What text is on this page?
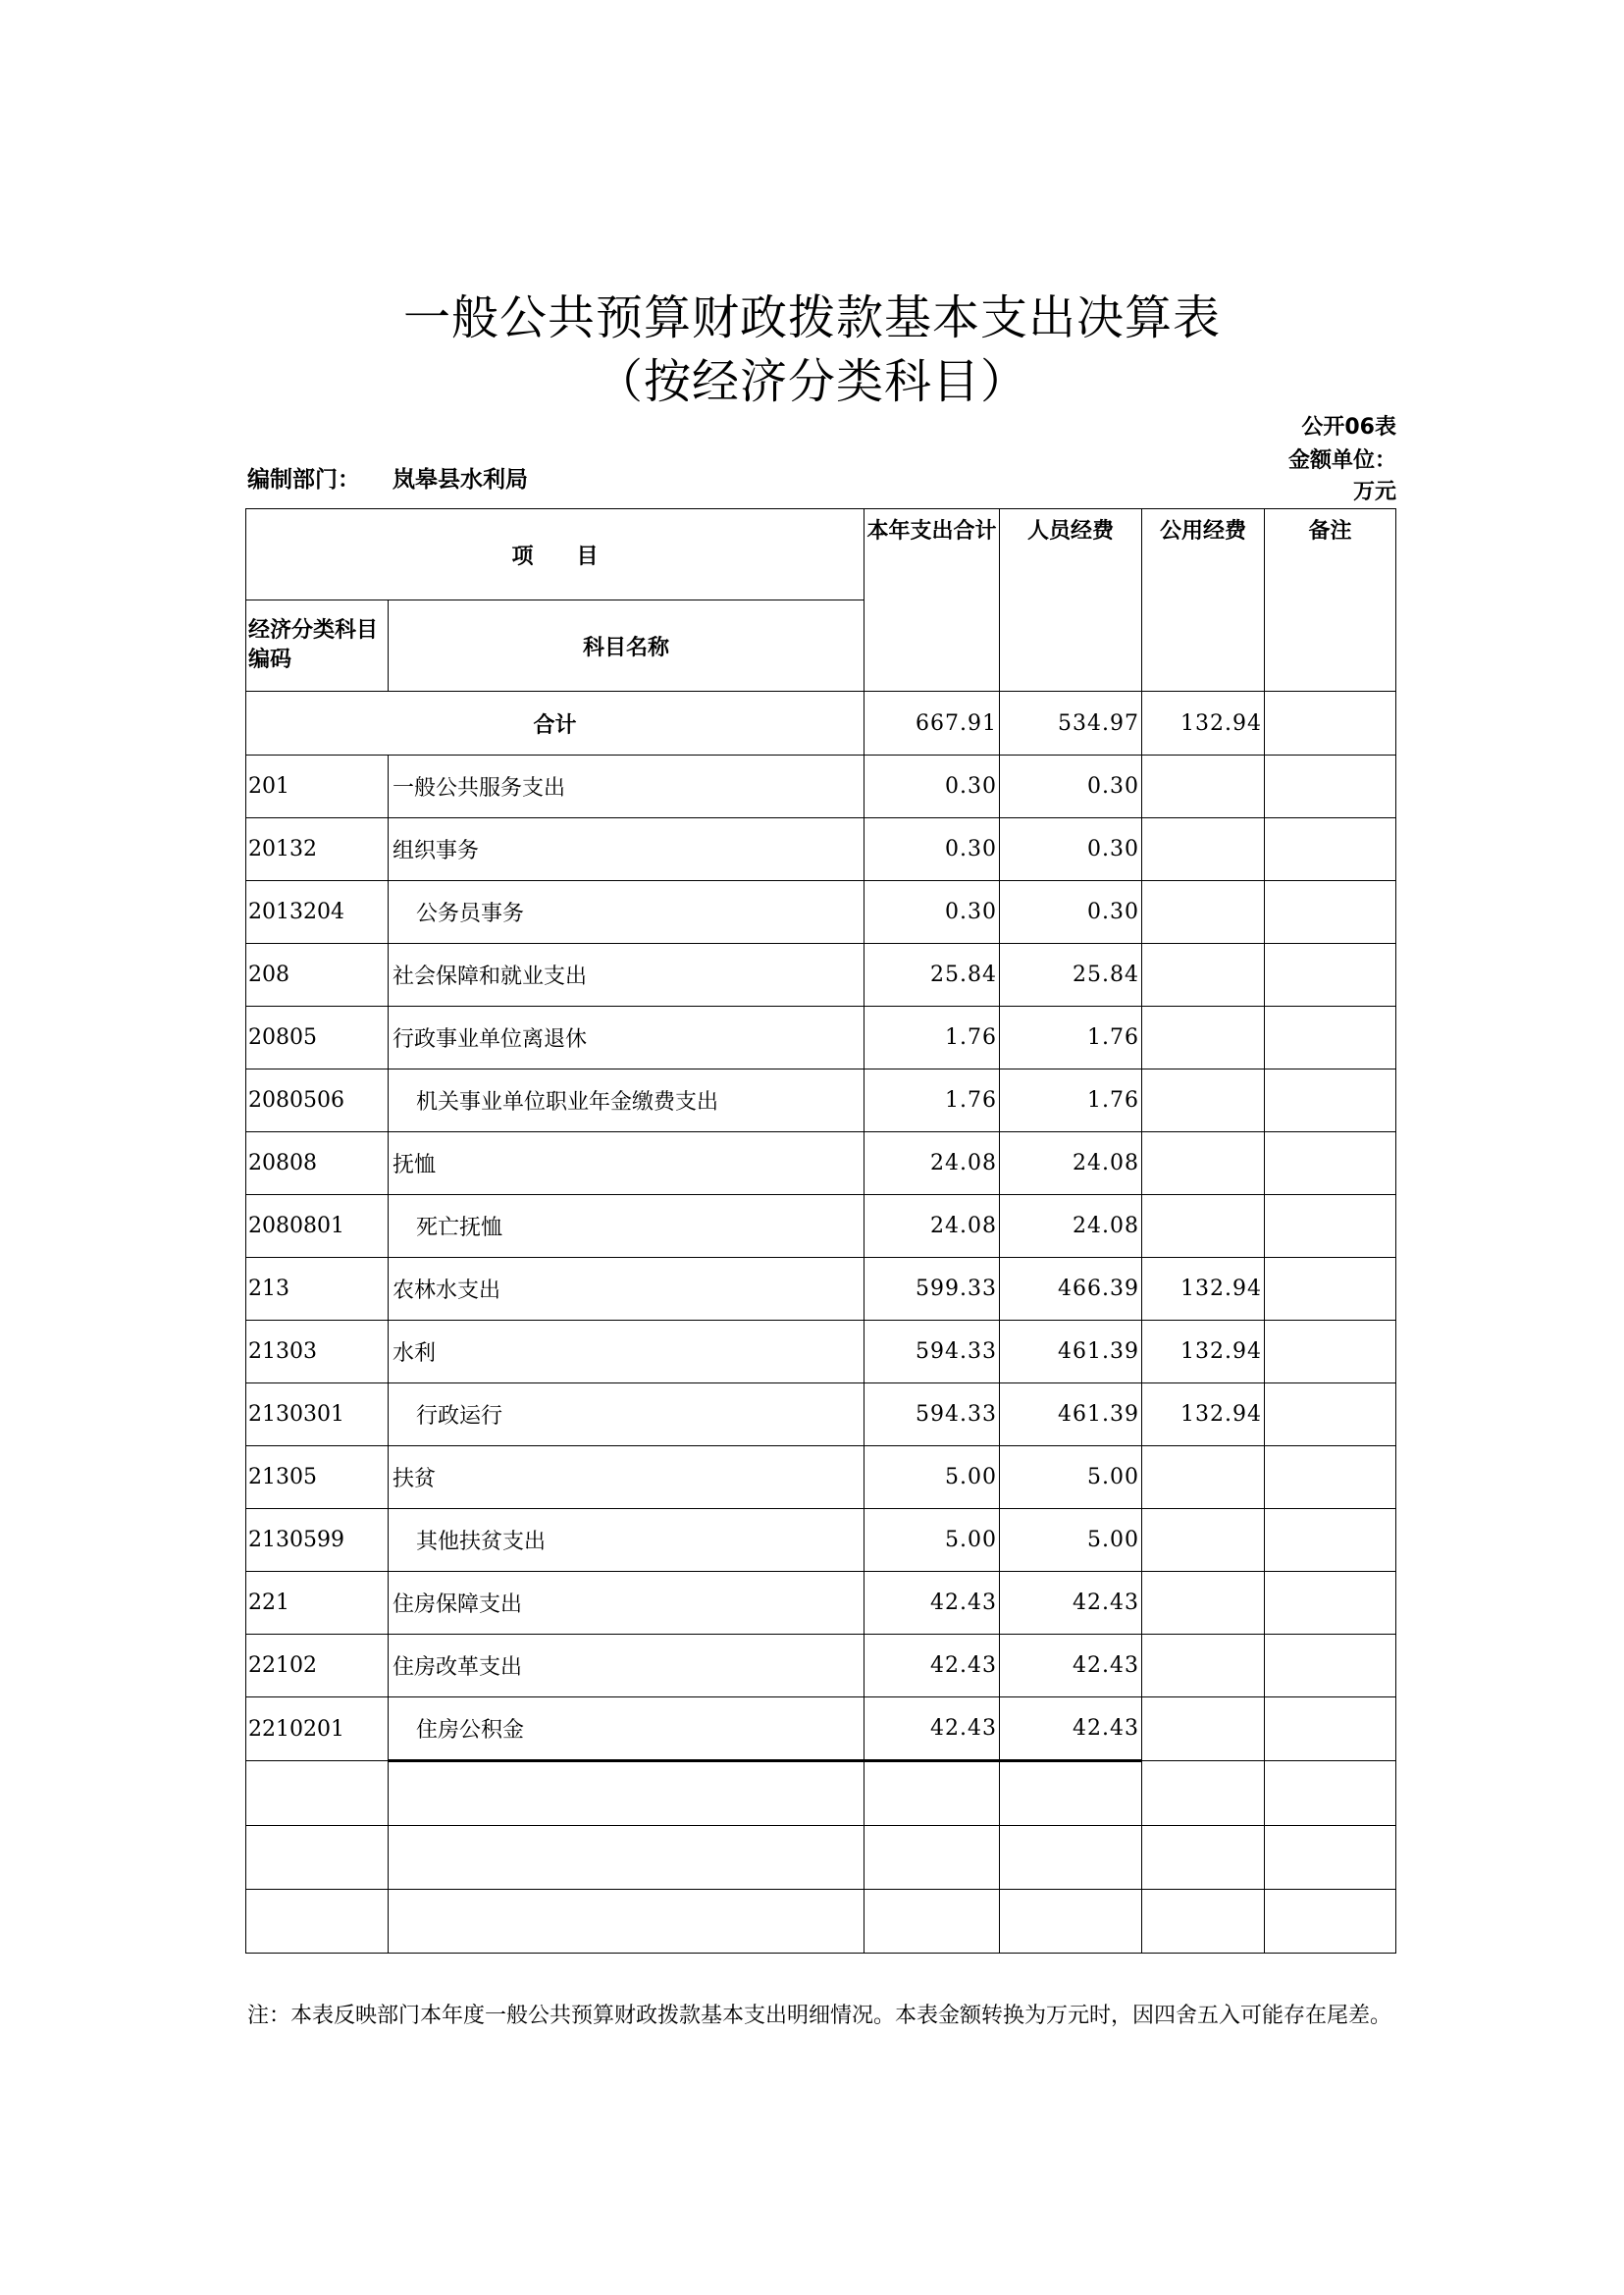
一般公共预算财政拨款基本支出决算表
（按经济分类科目）
公开06表
金额单位：
万元
编制部门： 岚皋县水利局
项　　目		本年支出合计	人员经费	公用经费	备注
经济分类科目编码	科目名称				
合计		667.91	534.97	132.94	
201	一般公共服务支出	0.30	0.30		
20132	组织事务	0.30	0.30		
2013204	公务员事务	0.30	0.30		
208	社会保障和就业支出	25.84	25.84		
20805	行政事业单位离退休	1.76	1.76		
2080506	机关事业单位职业年金缴费支出	1.76	1.76		
20808	抚恤	24.08	24.08		
2080801	死亡抚恤	24.08	24.08		
213	农林水支出	599.33	466.39	132.94	
21303	水利	594.33	461.39	132.94	
2130301	行政运行	594.33	461.39	132.94	
21305	扶贫	5.00	5.00		
2130599	其他扶贫支出	5.00	5.00		
221	住房保障支出	42.43	42.43		
22102	住房改革支出	42.43	42.43		
2210201	住房公积金	42.43	42.43		

注：本表反映部门本年度一般公共预算财政拨款基本支出明细情况。本表金额转换为万元时，因四舍五入可能存在尾差。
